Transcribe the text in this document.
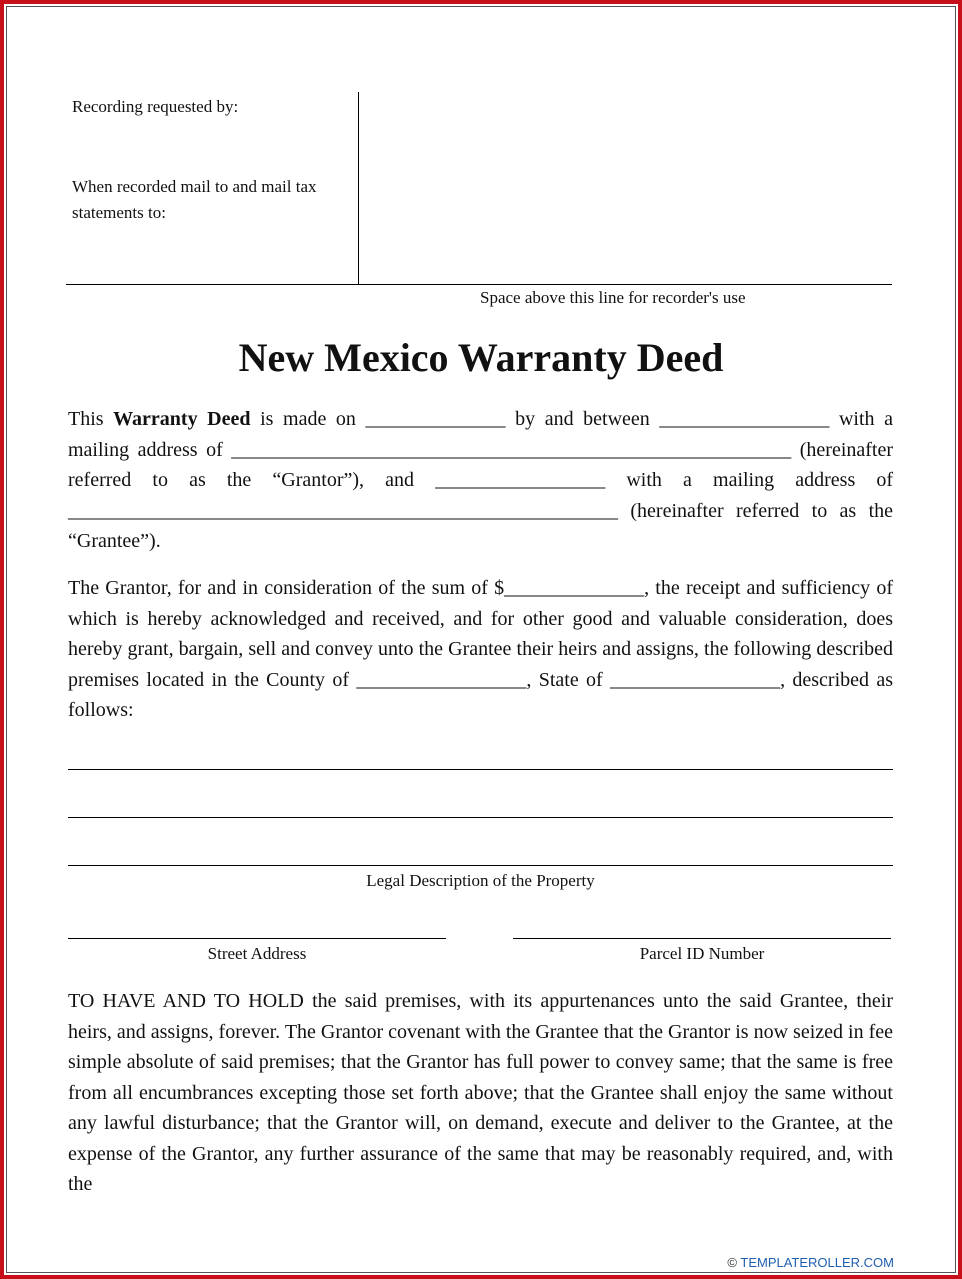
Recording requested by:
When recorded mail to and mail tax statements to:
Space above this line for recorder's use
New Mexico Warranty Deed
This Warranty Deed is made on ______________ by and between _________________ with a mailing address of ________________________________________________________ (hereinafter referred to as the “Grantor”), and _________________ with a mailing address of _______________________________________________________ (hereinafter referred to as the “Grantee”).
The Grantor, for and in consideration of the sum of $______________, the receipt and sufficiency of which is hereby acknowledged and received, and for other good and valuable consideration, does hereby grant, bargain, sell and convey unto the Grantee their heirs and assigns, the following described premises located in the County of _________________, State of _________________, described as follows:
Legal Description of the Property
Street Address	Parcel ID Number
TO HAVE AND TO HOLD the said premises, with its appurtenances unto the said Grantee, their heirs, and assigns, forever. The Grantor covenant with the Grantee that the Grantor is now seized in fee simple absolute of said premises; that the Grantor has full power to convey same; that the same is free from all encumbrances excepting those set forth above; that the Grantee shall enjoy the same without any lawful disturbance; that the Grantor will, on demand, execute and deliver to the Grantee, at the expense of the Grantor, any further assurance of the same that may be reasonably required, and, with the
© TEMPLATEROLLER.COM
